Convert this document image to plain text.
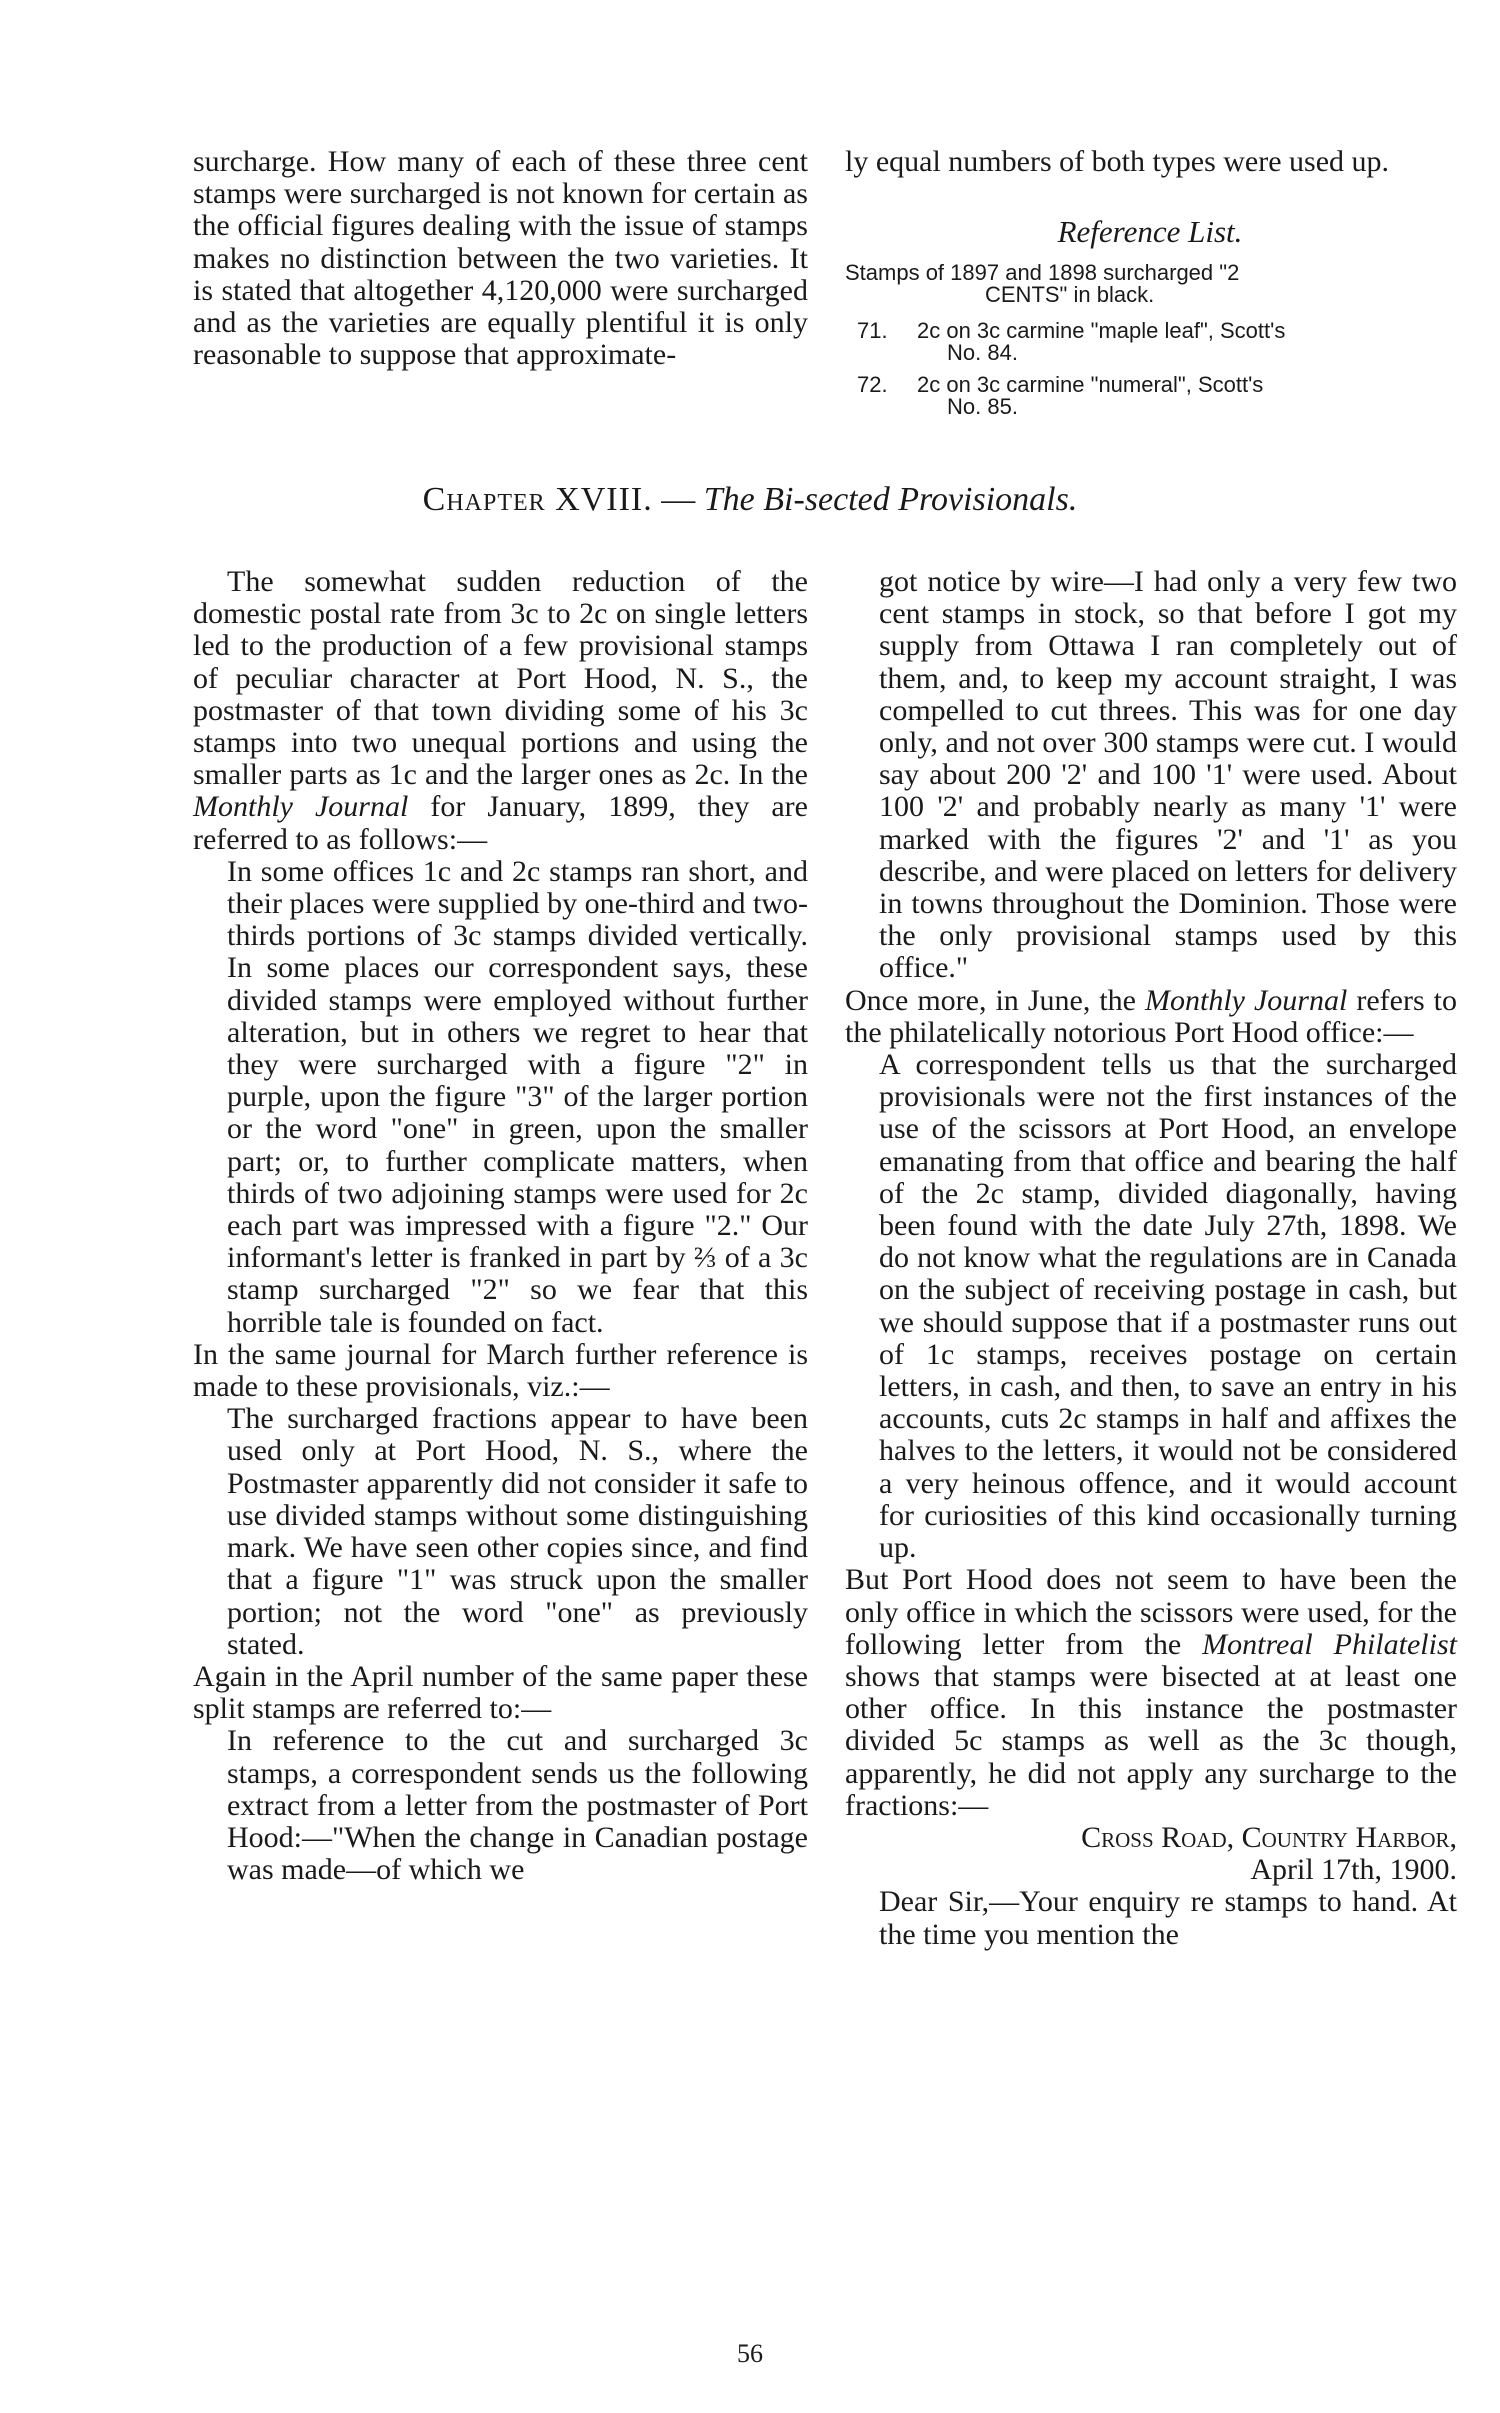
surcharge. How many of each of these three cent stamps were surcharged is not known for certain as the official figures dealing with the issue of stamps makes no distinction between the two varieties. It is stated that altogether 4,120,000 were surcharged and as the varieties are equally plentiful it is only reasonable to suppose that approximate-

ly equal numbers of both types were used up.

Reference List.
Stamps of 1897 and 1898 surcharged "2
CENTS" in black.
71.	2c on 3c carmine "maple leaf", Scott's
No. 84.
72.	2c on 3c carmine "numeral", Scott's
No. 85.
Chapter XVIII. — The Bi-sected Provisionals.

The somewhat sudden reduction of the domestic postal rate from 3c to 2c on single letters led to the production of a few provisional stamps of peculiar character at Port Hood, N. S., the postmaster of that town dividing some of his 3c stamps into two unequal portions and using the smaller parts as 1c and the larger ones as 2c. In the Monthly Journal for January, 1899, they are referred to as follows:—

In some offices 1c and 2c stamps ran short, and their places were supplied by one-third and two-thirds portions of 3c stamps divided vertically. In some places our correspondent says, these divided stamps were employed without further alteration, but in others we regret to hear that they were surcharged with a figure "2" in purple, upon the figure "3" of the larger portion or the word "one" in green, upon the smaller part; or, to further complicate matters, when thirds of two adjoining stamps were used for 2c each part was impressed with a figure "2." Our informant's letter is franked in part by ⅔ of a 3c stamp surcharged "2" so we fear that this horrible tale is founded on fact.

In the same journal for March further reference is made to these provisionals, viz.:—

The surcharged fractions appear to have been used only at Port Hood, N. S., where the Postmaster apparently did not consider it safe to use divided stamps without some distinguishing mark. We have seen other copies since, and find that a figure "1" was struck upon the smaller portion; not the word "one" as previously stated.

Again in the April number of the same paper these split stamps are referred to:—

In reference to the cut and surcharged 3c stamps, a correspondent sends us the following extract from a letter from the postmaster of Port Hood:—"When the change in Canadian postage was made—of which we

got notice by wire—I had only a very few two cent stamps in stock, so that before I got my supply from Ottawa I ran completely out of them, and, to keep my account straight, I was compelled to cut threes. This was for one day only, and not over 300 stamps were cut. I would say about 200 '2' and 100 '1' were used. About 100 '2' and probably nearly as many '1' were marked with the figures '2' and '1' as you describe, and were placed on letters for delivery in towns throughout the Dominion. Those were the only provisional stamps used by this office."

Once more, in June, the Monthly Journal refers to the philatelically notorious Port Hood office:—

A correspondent tells us that the surcharged provisionals were not the first instances of the use of the scissors at Port Hood, an envelope emanating from that office and bearing the half of the 2c stamp, divided diagonally, having been found with the date July 27th, 1898. We do not know what the regulations are in Canada on the subject of receiving postage in cash, but we should suppose that if a postmaster runs out of 1c stamps, receives postage on certain letters, in cash, and then, to save an entry in his accounts, cuts 2c stamps in half and affixes the halves to the letters, it would not be considered a very heinous offence, and it would account for curiosities of this kind occasionally turning up.

But Port Hood does not seem to have been the only office in which the scissors were used, for the following letter from the Montreal Philatelist shows that stamps were bisected at at least one other office. In this instance the postmaster divided 5c stamps as well as the 3c though, apparently, he did not apply any surcharge to the fractions:—

Cross Road, Country Harbor,

April 17th, 1900.

Dear Sir,—Your enquiry re stamps to hand. At the time you mention the

56
